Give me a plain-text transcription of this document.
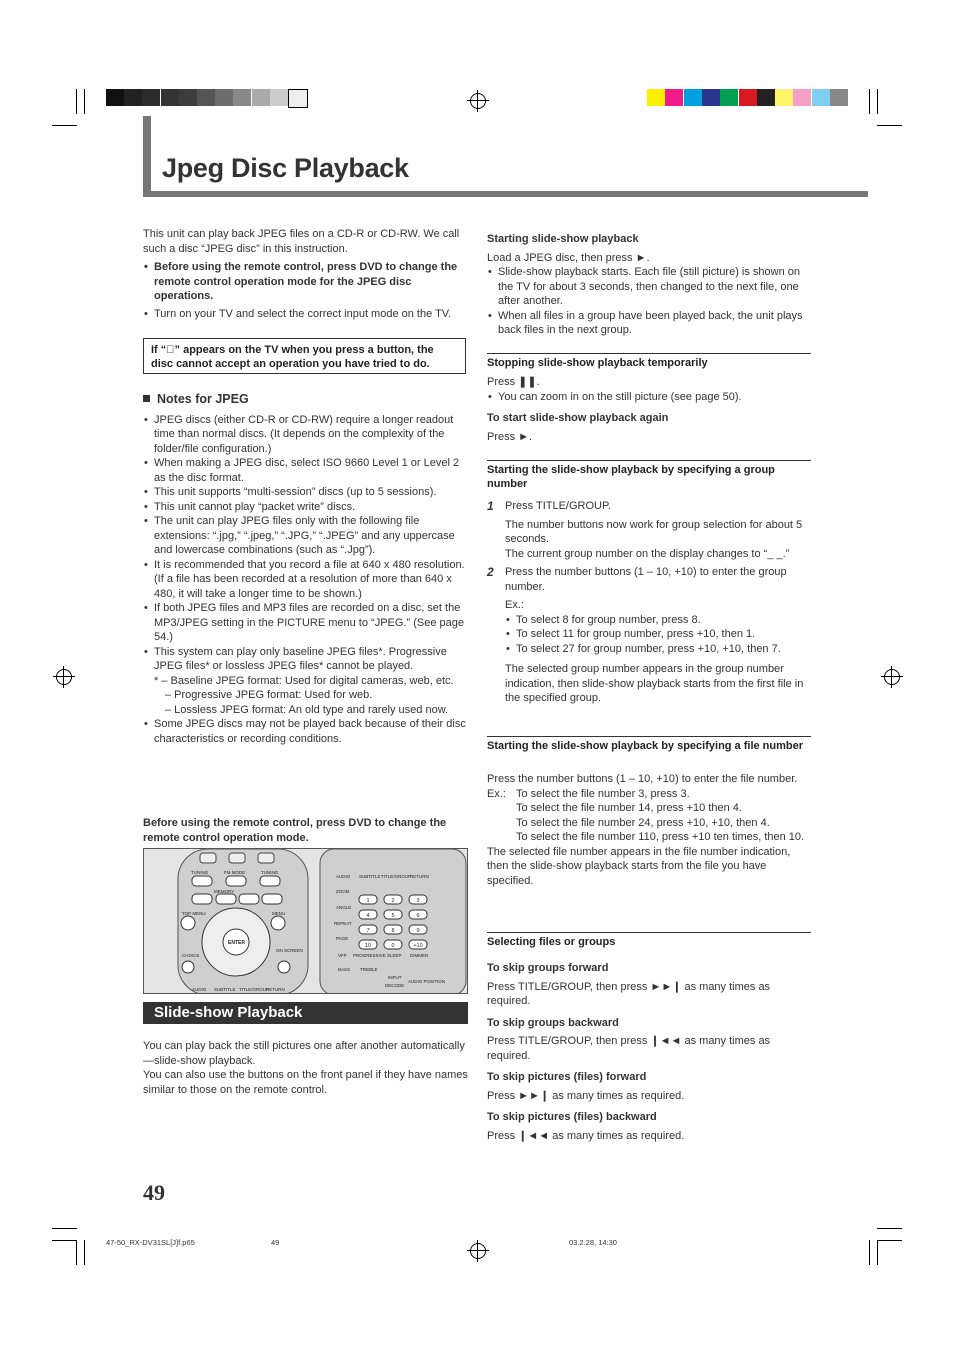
Jpeg Disc Playback

This unit can play back JPEG files on a CD-R or CD-RW. We call such a disc “JPEG disc” in this instruction.

• Before using the remote control, press DVD to change the remote control operation mode for the JPEG disc operations.
• Turn on your TV and select the correct input mode on the TV.
If “⃠” appears on the TV when you press a button, the disc cannot accept an operation you have tried to do.

Notes for JPEG

• JPEG discs (either CD-R or CD-RW) require a longer readout time than normal discs. (It depends on the complexity of the folder/file configuration.)
• When making a JPEG disc, select ISO 9660 Level 1 or Level 2 as the disc format.
• This unit supports “multi-session” discs (up to 5 sessions).
• This unit cannot play “packet write” discs.
• The unit can play JPEG files only with the following file extensions: “.jpg,” “.jpeg,” “.JPG,” “.JPEG” and any uppercase and lowercase combinations (such as “.Jpg”).
• It is recommended that you record a file at 640 x 480 resolution. (If a file has been recorded at a resolution of more than 640 x 480, it will take a longer time to be shown.)
• If both JPEG files and MP3 files are recorded on a disc, set the MP3/JPEG setting in the PICTURE menu to “JPEG.” (See page 54.)
• This system can play only baseline JPEG files*. Progressive JPEG files* or lossless JPEG files* cannot be played.

* – Baseline JPEG format: Used for digital cameras, web, etc.

– Progressive JPEG format: Used for web.

– Lossless JPEG format: An old type and rarely used now.

• Some JPEG discs may not be played back because of their disc characteristics or recording conditions.
Before using the remote control, press DVD to change the remote control operation mode.
TUNING	FM MODE	TUNING
MEMORY
TOP MENU	MENU
ENTER
CHOICE
ON SCREEN
AUDIO SUBTITLE TITLE/GROUP
RETURN
AUDIO SUBTITLE TITLE/GROUP
RETURN
ZOOM
ANGLE
REPEAT
PAGE
1	2	3
4	5	6
7	8	9
10	0	+10
VFP PROGRESSIVE SLEEP DIMMER
BASS TREBLE
INPUT
DECODE
AUDIO POSITION
Slide-show Playback

You can play back the still pictures one after another automatically—slide-show playback.

You can also use the buttons on the front panel if they have names similar to those on the remote control.

Starting slide-show playback

Load a JPEG disc, then press ►.

• Slide-show playback starts. Each file (still picture) is shown on the TV for about 3 seconds, then changed to the next file, one after another.
• When all files in a group have been played back, the unit plays back files in the next group.
Stopping slide-show playback temporarily

Press ❚❚.

• You can zoom in on the still picture (see page 50).

To start slide-show playback again

Press ►.

Starting the slide-show playback by specifying a group number
1 Press TITLE/GROUP.

The number buttons now work for group selection for about 5 seconds.

The current group number on the display changes to “_ _.”

2 Press the number buttons (1 – 10, +10) to enter the group number.

Ex.:

• To select 8 for group number, press 8.
• To select 11 for group number, press +10, then 1.
• To select 27 for group number, press +10, +10, then 7.

The selected group number appears in the group number indication, then slide-show playback starts from the first file in the specified group.

Starting the slide-show playback by specifying a file number

Press the number buttons (1 – 10, +10) to enter the file number.

Ex.: To select the file number 3, press 3.

To select the file number 14, press +10 then 4.

To select the file number 24, press +10, +10, then 4.

To select the file number 110, press +10 ten times, then 10.

The selected file number appears in the file number indication, then the slide-show playback starts from the file you have specified.

Selecting files or groups

To skip groups forward

Press TITLE/GROUP, then press ►►❙ as many times as required.

To skip groups backward

Press TITLE/GROUP, then press ❙◄◄ as many times as required.

To skip pictures (files) forward

Press ►►❙ as many times as required.

To skip pictures (files) backward

Press ❙◄◄ as many times as required.

49
47-50_RX-DV31SL[J]f.p65	49	03.2.28, 14:30
